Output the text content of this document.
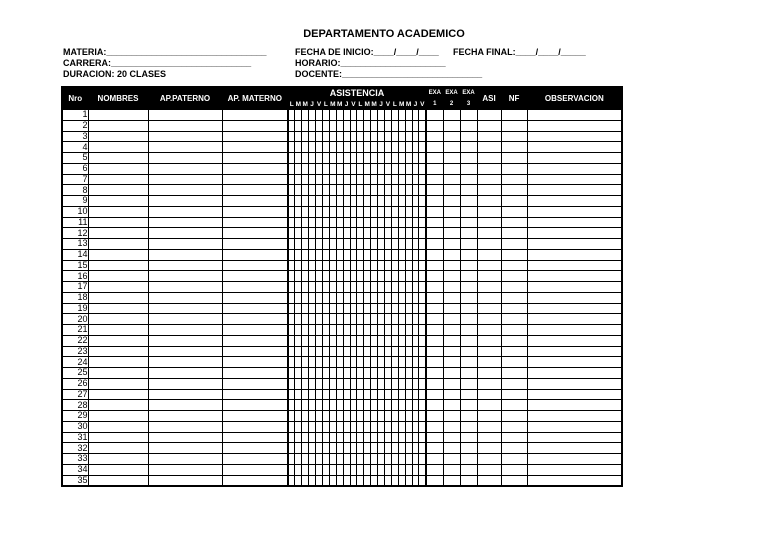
DEPARTAMENTO ACADEMICO
MATERIA:________________________________
CARRERA:____________________________
DURACION: 20 CLASES
FECHA DE INICIO:____/____/____ FECHA FINAL:____/____/_____
HORARIO:_____________________
DOCENTE:____________________________
Nro	NOMBRES	AP.PATERNO	AP. MATERNO	ASISTENCIA																				EXA	EXA	EXA	ASI	NF	OBSERVACION
				L	M	M	J	V	L	M	M	J	V	L	M	M	J	V	L	M	M	J	V	1	2	3			
1																													
2																													
3																													
4																													
5																													
6																													
7																													
8																													
9																													
10																													
11																													
12																													
13																													
14																													
15																													
16																													
17																													
18																													
19																													
20																													
21																													
22																													
23																													
24																													
25																													
26																													
27																													
28																													
29																													
30																													
31																													
32																													
33																													
34																													
35																													
